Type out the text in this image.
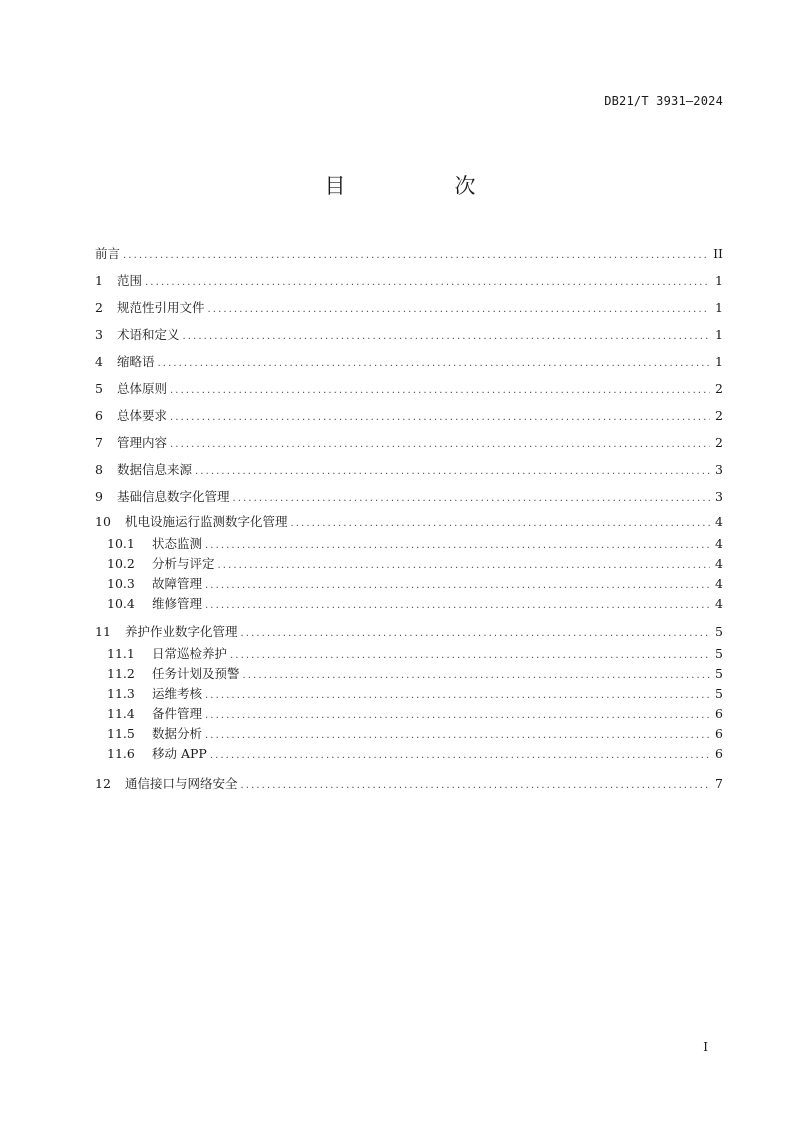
DB21/T 3931—2024
目　次
前言 .....	II
1	范围 .....	1
2	规范性引用文件 .....	1
3	术语和定义 .....	1
4	缩略语 .....	1
5	总体原则 .....	2
6	总体要求 .....	2
7	管理内容 .....	2
8	数据信息来源 .....	3
9	基础信息数字化管理 .....	3
10	机电设施运行监测数字化管理 .....	4
10.1	状态监测 .....	4
10.2	分析与评定 .....	4
10.3	故障管理 .....	4
10.4	维修管理 .....	4
11	养护作业数字化管理 .....	5
11.1	日常巡检养护 .....	5
11.2	任务计划及预警 .....	5
11.3	运维考核 .....	5
11.4	备件管理 .....	6
11.5	数据分析 .....	6
11.6	移动 APP .....	6
12	通信接口与网络安全 .....	7
I
